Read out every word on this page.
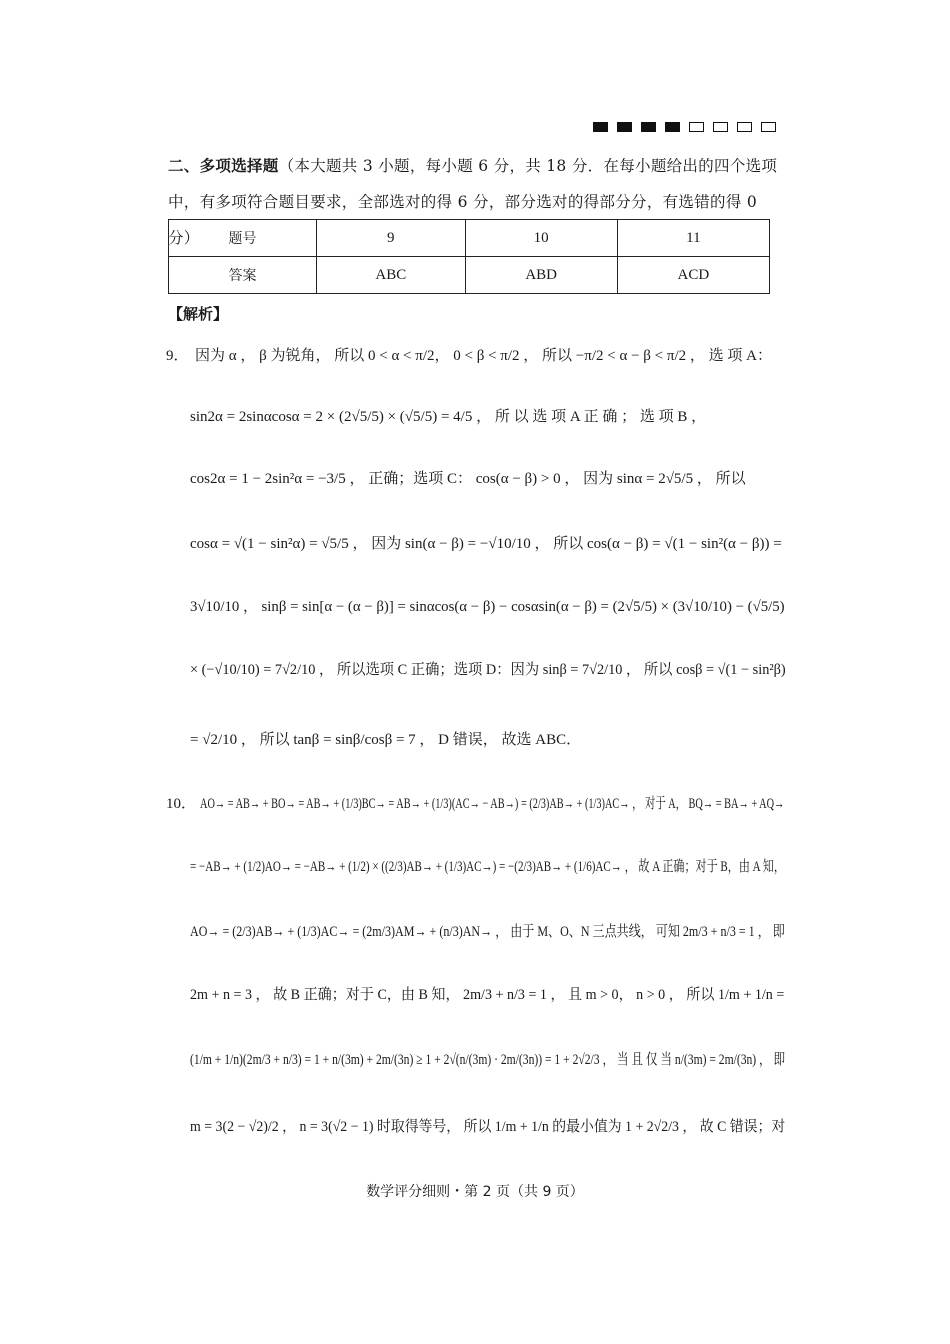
二、多项选择题（本大题共 3 小题，每小题 6 分，共 18 分．在每小题给出的四个选项中，有多项符合题目要求，全部选对的得 6 分，部分选对的得部分分，有选错的得 0 分）	题号	9	10	11
答案	ABC	ABD	ACD
【解析】
9． 因为 α ， β 为锐角， 所以 0 < α < π/2， 0 < β < π/2 ， 所以 −π/2 < α − β < π/2 ， 选 项 A：
sin2α = 2sinαcosα = 2 × (2√5/5) × (√5/5) = 4/5 ， 所 以 选 项 A 正 确 ； 选 项 B ，
cos2α = 1 − 2sin²α = −3/5 ， 正确；选项 C： cos(α − β) > 0 ， 因为 sinα = 2√5/5 ， 所以
cosα = √(1 − sin²α) = √5/5 ， 因为 sin(α − β) = −√10/10 ， 所以 cos(α − β) = √(1 − sin²(α − β)) =
3√10/10 ， sinβ = sin[α − (α − β)] = sinαcos(α − β) − cosαsin(α − β) = (2√5/5) × (3√10/10) − (√5/5)
× (−√10/10) = 7√2/10 ， 所以选项 C 正确；选项 D：因为 sinβ = 7√2/10 ， 所以 cosβ = √(1 − sin²β)
= √2/10 ， 所以 tanβ = sinβ/cosβ = 7 ， D 错误， 故选 ABC．
10． AO→ = AB→ + BO→ = AB→ + (1/3)BC→ = AB→ + (1/3)(AC→ − AB→) = (2/3)AB→ + (1/3)AC→ ， 对于 A， BQ→ = BA→ + AQ→
= −AB→ + (1/2)AO→ = −AB→ + (1/2) × ((2/3)AB→ + (1/3)AC→) = −(2/3)AB→ + (1/6)AC→ ， 故 A 正确；对于 B，由 A 知，
AO→ = (2/3)AB→ + (1/3)AC→ = (2m/3)AM→ + (n/3)AN→ ， 由于 M、O、N 三点共线， 可知 2m/3 + n/3 = 1 ， 即
2m + n = 3 ， 故 B 正确；对于 C，由 B 知， 2m/3 + n/3 = 1 ， 且 m > 0， n > 0 ， 所以 1/m + 1/n =
(1/m + 1/n)(2m/3 + n/3) = 1 + n/(3m) + 2m/(3n) ≥ 1 + 2√(n/(3m) · 2m/(3n)) = 1 + 2√2/3 ， 当 且 仅 当 n/(3m) = 2m/(3n) ， 即
m = 3(2 − √2)/2 ， n = 3(√2 − 1) 时取得等号， 所以 1/m + 1/n 的最小值为 1 + 2√2/3 ， 故 C 错误；对
数学评分细则・第 2 页（共 9 页）
